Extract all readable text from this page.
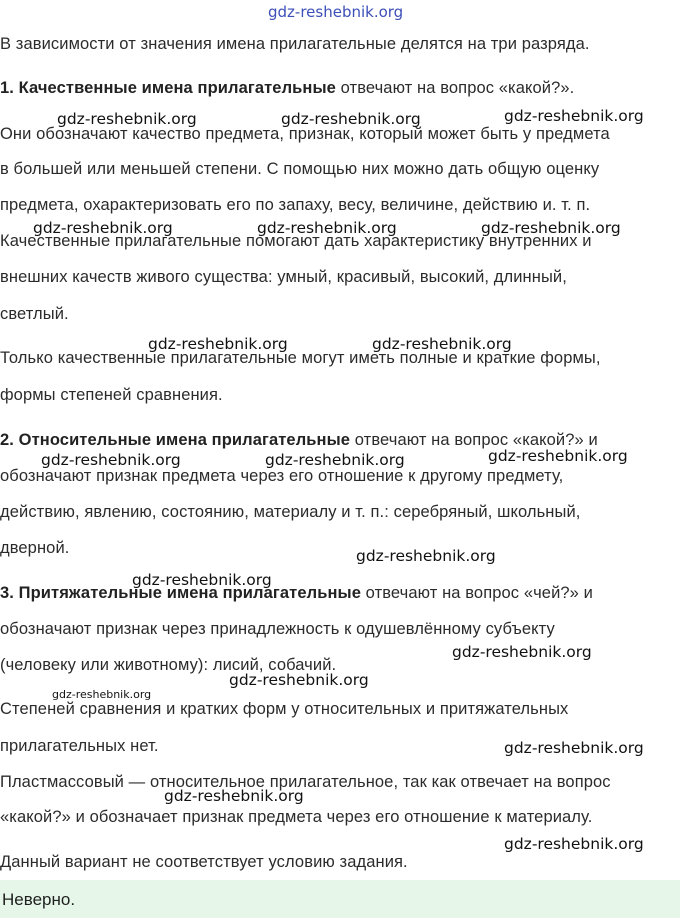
gdz-reshebnik.org

В зависимости от значения имена прилагательные делятся на три разряда.

1. Качественные имена прилагательные отвечают на вопрос «какой?».

Они обозначают качество предмета, признак, который может быть у предмета

в большей или меньшей степени. С помощью них можно дать общую оценку

предмета, охарактеризовать его по запаху, весу, величине, действию и. т. п.

Качественные прилагательные помогают дать характеристику внутренних и

внешних качеств живого существа: умный, красивый, высокий, длинный,

светлый.

Только качественные прилагательные могут иметь полные и краткие формы,

формы степеней сравнения.

2. Относительные имена прилагательные отвечают на вопрос «какой?» и

обозначают признак предмета через его отношение к другому предмету,

действию, явлению, состоянию, материалу и т. п.: серебряный, школьный,

дверной.

3. Притяжательные имена прилагательные отвечают на вопрос «чей?» и

обозначают признак через принадлежность к одушевлённому субъекту

(человеку или животному): лисий, собачий.

Степеней сравнения и кратких форм у относительных и притяжательных

прилагательных нет.

Пластмассовый — относительное прилагательное, так как отвечает на вопрос

«какой?» и обозначает признак предмета через его отношение к материалу.

Данный вариант не соответствует условию задания.

Неверно.
gdz-reshebnik.org	gdz-reshebnik.org	gdz-reshebnik.org
gdz-reshebnik.org	gdz-reshebnik.org	gdz-reshebnik.org
gdz-reshebnik.org	gdz-reshebnik.org
gdz-reshebnik.org	gdz-reshebnik.org	gdz-reshebnik.org
gdz-reshebnik.org
gdz-reshebnik.org
gdz-reshebnik.org
gdz-reshebnik.org
gdz-reshebnik.org
gdz-reshebnik.org
gdz-reshebnik.org
gdz-reshebnik.org
